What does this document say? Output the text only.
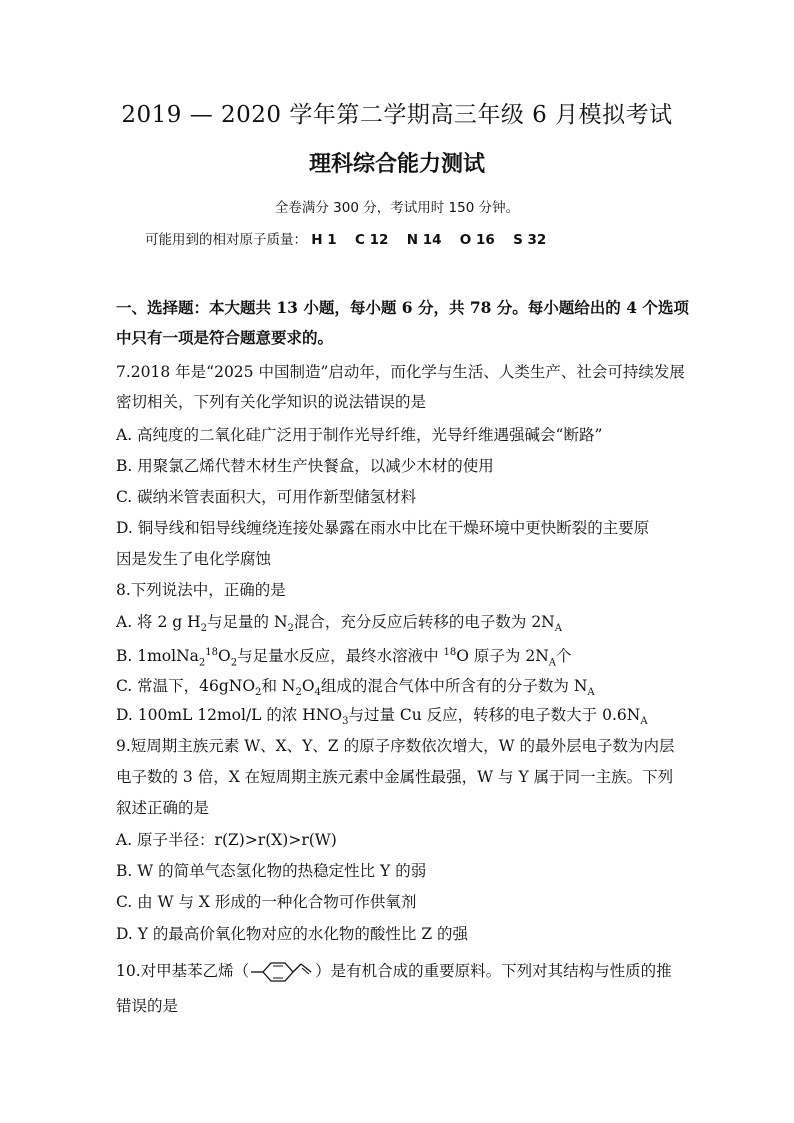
2019 — 2020 学年第二学期高三年级 6 月模拟考试
理科综合能力测试
全卷满分 300 分，考试用时 150 分钟。
可能用到的相对原子质量： H 1 C 12 N 14 O 16 S 32
一、选择题：本大题共 13 小题，每小题 6 分，共 78 分。每小题给出的 4 个选项
中只有一项是符合题意要求的。
7.2018 年是“2025 中国制造”启动年，而化学与生活、人类生产、社会可持续发展
密切相关，下列有关化学知识的说法错误的是
A. 高纯度的二氧化硅广泛用于制作光导纤维，光导纤维遇强碱会“断路”
B. 用聚氯乙烯代替木材生产快餐盒，以减少木材的使用
C. 碳纳米管表面积大，可用作新型储氢材料
D. 铜导线和铝导线缠绕连接处暴露在雨水中比在干燥环境中更快断裂的主要原
因是发生了电化学腐蚀
8.下列说法中，正确的是
A. 将 2 g $H_2$与足量的 $N_2$混合，充分反应后转移的电子数为 $2N_A$
B. $1molNa_2^{18}O_2$与足量水反应，最终水溶液中 $^{18}$O 原子为 $2N_A$个
C. 常温下，46gNO$_2$和 $N_2O_4$组成的混合气体中所含有的分子数为 $N_A$
D. 100mL 12mol/L 的浓 $HNO_3$与过量 Cu 反应，转移的电子数大于 $0.6N_A$
9.短周期主族元素 W、X、Y、Z 的原子序数依次增大，W 的最外层电子数为内层
电子数的 3 倍，X 在短周期主族元素中金属性最强，W 与 Y 属于同一主族。下列
叙述正确的是
A. 原子半径：r(Z)>r(X)>r(W)
B. W 的简单气态氢化物的热稳定性比 Y 的弱
C. 由 W 与 X 形成的一种化合物可作供氧剂
D. Y 的最高价氧化物对应的水化物的酸性比 Z 的强
10.对甲基苯乙烯（	）是有机合成的重要原料。下列对其结构与性质的推
错误的是
